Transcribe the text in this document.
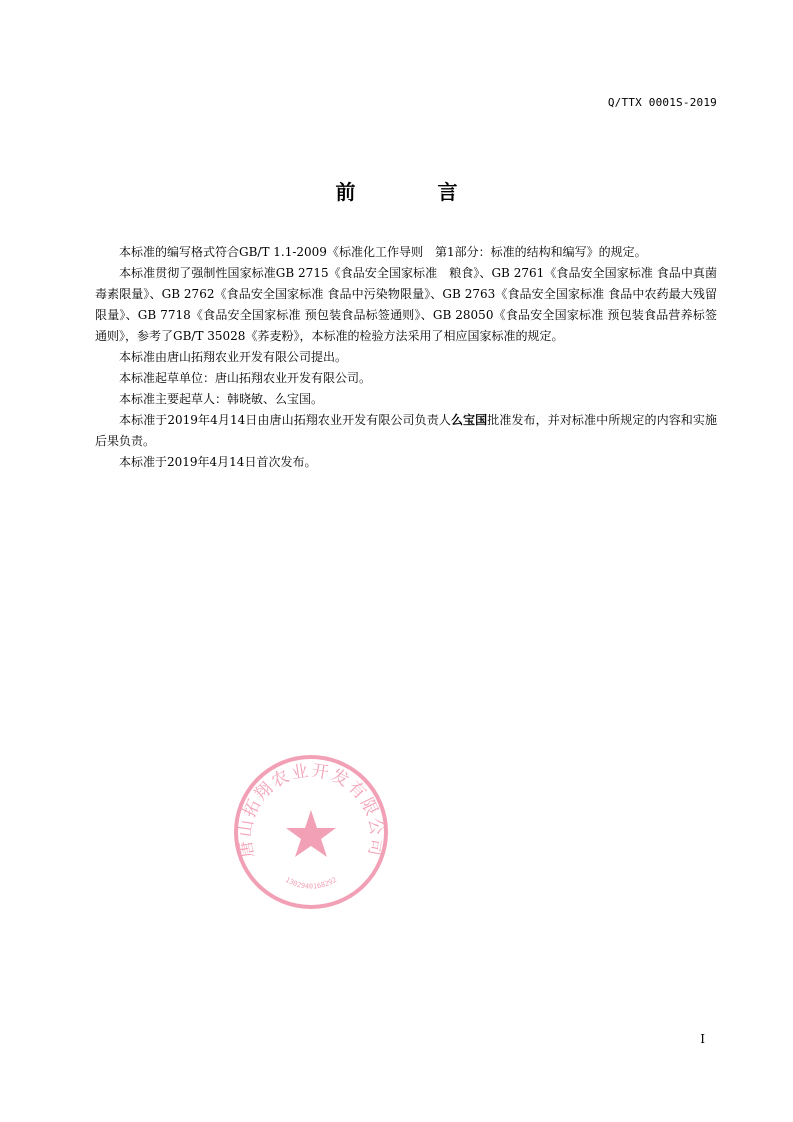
Q/TTX 0001S-2019
前	言

本标准的编写格式符合GB/T 1.1-2009《标准化工作导则　第1部分：标准的结构和编写》的规定。

本标准贯彻了强制性国家标准GB 2715《食品安全国家标准　粮食》、GB 2761《食品安全国家标准 食品中真菌毒素限量》、GB 2762《食品安全国家标准 食品中污染物限量》、GB 2763《食品安全国家标准 食品中农药最大残留限量》、GB 7718《食品安全国家标准 预包装食品标签通则》、GB 28050《食品安全国家标准 预包装食品营养标签通则》，参考了GB/T 35028《荞麦粉》，本标准的检验方法采用了相应国家标准的规定。

本标准由唐山拓翔农业开发有限公司提出。

本标准起草单位：唐山拓翔农业开发有限公司。

本标准主要起草人：韩晓敏、么宝国。

本标准于2019年4月14日由唐山拓翔农业开发有限公司负责人么宝国批准发布，并对标准中所规定的内容和实施后果负责。

本标准于2019年4月14日首次发布。

唐山拓翔农业开发有限公司
1302940168292
I
